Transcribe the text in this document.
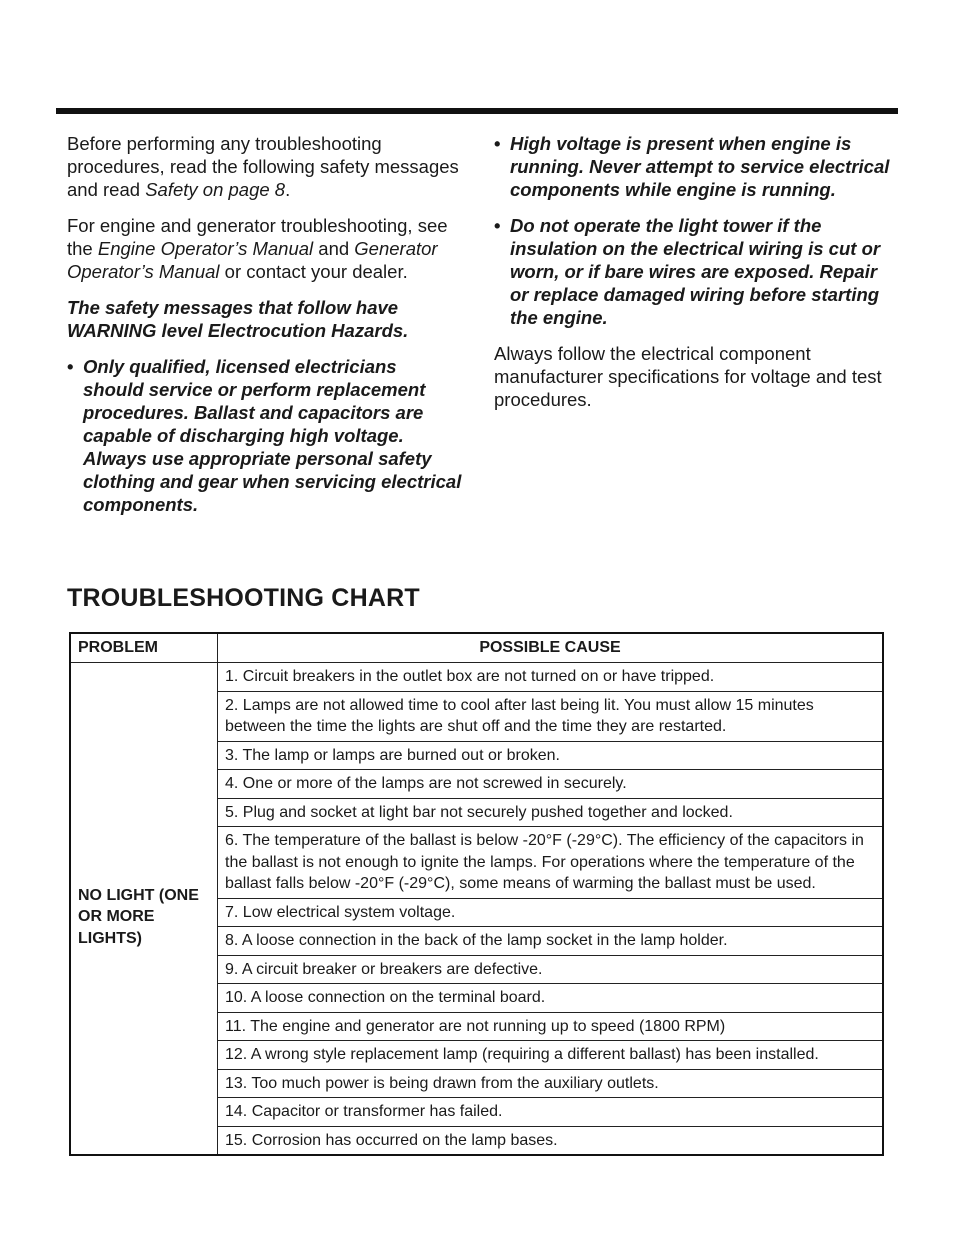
Before performing any troubleshooting procedures, read the following safety messages and read Safety on page 8.

For engine and generator troubleshooting, see the Engine Operator’s Manual and Generator Operator’s Manual or contact your dealer.

The safety messages that follow have WARNING level Electrocution Hazards.

• Only qualified, licensed electricians should service or perform replacement procedures. Ballast and capacitors are capable of discharging high voltage. Always use appropriate personal safety clothing and gear when servicing electrical components.

• High voltage is present when engine is running. Never attempt to service electrical components while engine is running.

• Do not operate the light tower if the insulation on the electrical wiring is cut or worn, or if bare wires are exposed. Repair or replace damaged wiring before starting the engine.

Always follow the electrical component manufacturer specifications for voltage and test procedures.

TROUBLESHOOTING CHART
PROBLEM	POSSIBLE CAUSE
NO LIGHT (ONE OR MORE LIGHTS)	1. Circuit breakers in the outlet box are not turned on or have tripped.
	2. Lamps are not allowed time to cool after last being lit. You must allow 15 minutes between the time the lights are shut off and the time they are restarted.
	3. The lamp or lamps are burned out or broken.
	4. One or more of the lamps are not screwed in securely.
	5. Plug and socket at light bar not securely pushed together and locked.
	6. The temperature of the ballast is below -20°F (-29°C). The efficiency of the capacitors in the ballast is not enough to ignite the lamps. For operations where the temperature of the ballast falls below -20°F (-29°C), some means of warming the ballast must be used.
	7. Low electrical system voltage.
	8. A loose connection in the back of the lamp socket in the lamp holder.
	9. A circuit breaker or breakers are defective.
	10. A loose connection on the terminal board.
	11. The engine and generator are not running up to speed (1800 RPM)
	12. A wrong style replacement lamp (requiring a different ballast) has been installed.
	13. Too much power is being drawn from the auxiliary outlets.
	14. Capacitor or transformer has failed.
	15. Corrosion has occurred on the lamp bases.
